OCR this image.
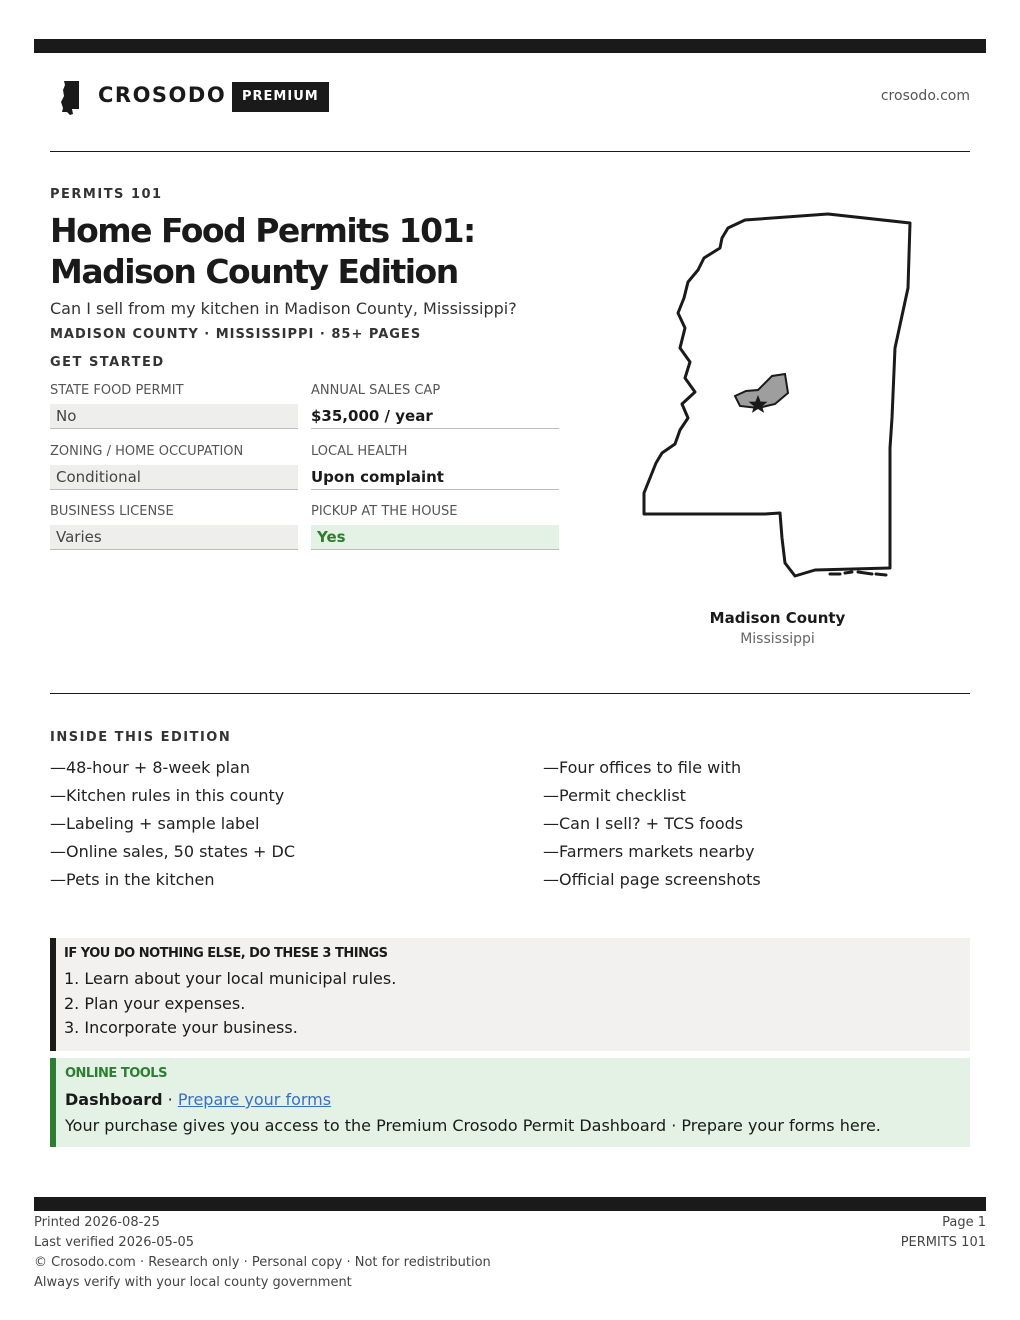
CROSODO	PREMIUM	crosodo.com
PERMITS 101
Home Food Permits 101:
Madison County Edition
Can I sell from my kitchen in Madison County, Mississippi?
MADISON COUNTY · MISSISSIPPI · 85+ PAGES
GET STARTED
STATE FOOD PERMIT
No
ANNUAL SALES CAP
$35,000 / year
ZONING / HOME OCCUPATION
Conditional
LOCAL HEALTH
Upon complaint
BUSINESS LICENSE
Varies
PICKUP AT THE HOUSE
Yes
Madison County
Mississippi
INSIDE THIS EDITION
—48-hour + 8-week plan
—Kitchen rules in this county
—Labeling + sample label
—Online sales, 50 states + DC
—Pets in the kitchen
—Four offices to file with
—Permit checklist
—Can I sell? + TCS foods
—Farmers markets nearby
—Official page screenshots
IF YOU DO NOTHING ELSE, DO THESE 3 THINGS
1. Learn about your local municipal rules.
2. Plan your expenses.
3. Incorporate your business.
ONLINE TOOLS
Dashboard · Prepare your forms
Your purchase gives you access to the Premium Crosodo Permit Dashboard · Prepare your forms here.
Printed 2026-08-25
Last verified 2026-05-05
© Crosodo.com · Research only · Personal copy · Not for redistribution
Always verify with your local county government
Page 1
PERMITS 101
